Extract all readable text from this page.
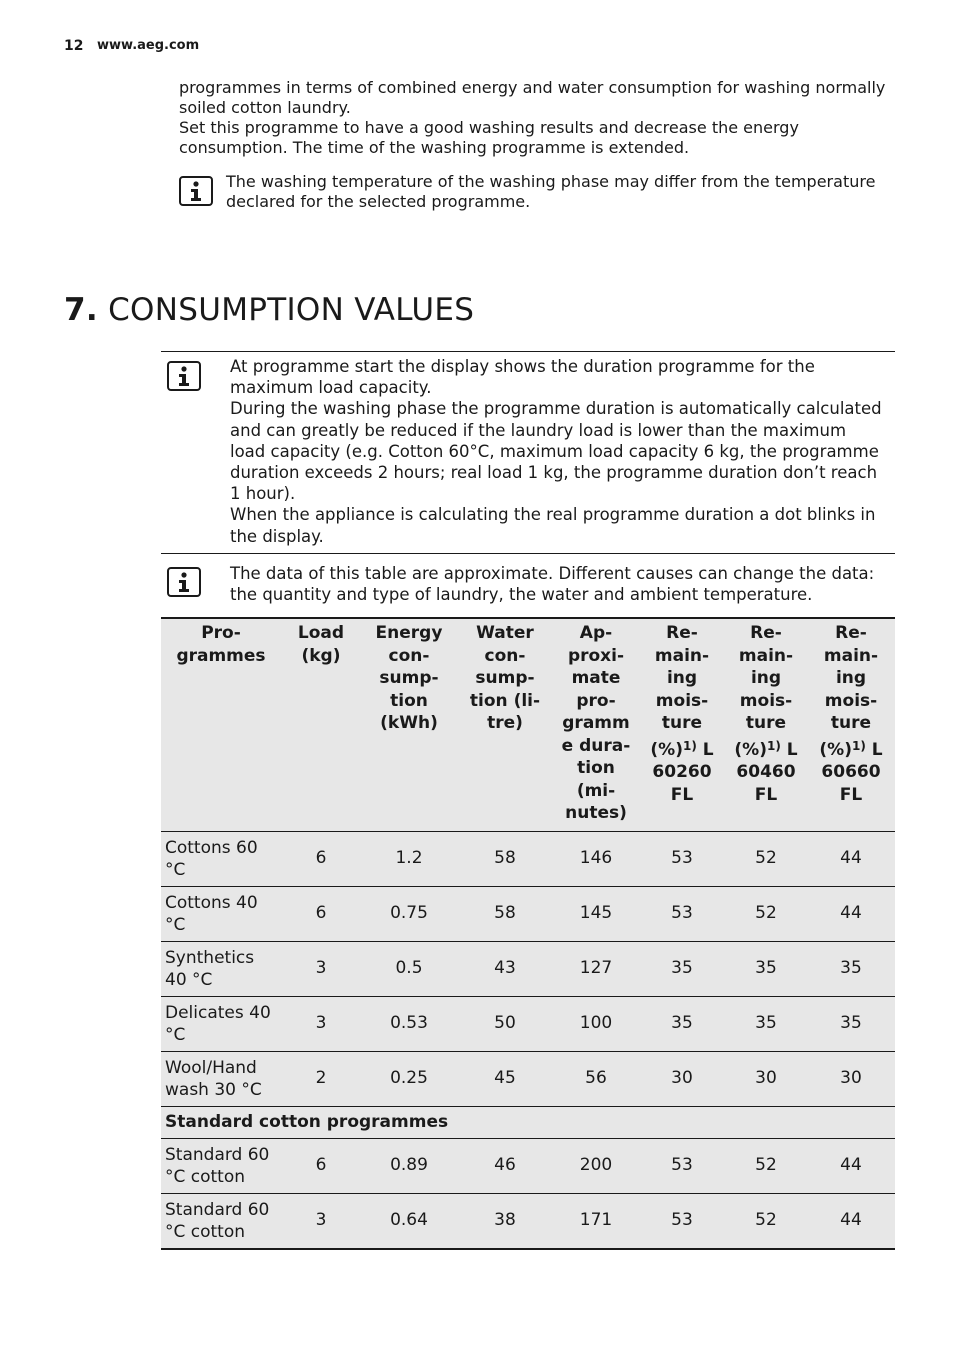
12 www.aeg.com

programmes in terms of combined energy and water consumption for washing normally soiled cotton laundry.

Set this programme to have a good washing results and decrease the energy consumption. The time of the washing programme is extended.

The washing temperature of the washing phase may differ from the temperature declared for the selected programme.
7. CONSUMPTION VALUES

At programme start the display shows the duration programme for the maximum load capacity.

During the washing phase the programme duration is automatically calculated and can greatly be reduced if the laundry load is lower than the maximum load capacity (e.g. Cotton 60°C, maximum load capacity 6 kg, the programme duration exceeds 2 hours; real load 1 kg, the programme duration don’t reach 1 hour).

When the appliance is calculating the real programme duration a dot blinks in the display.

The data of this table are approximate. Different causes can change the data: the quantity and type of laundry, the water and ambient temperature.
Pro-grammes	Load (kg)	Energy con-sump-tion (kWh)	Water con-sump-tion (li-tre)	Ap-proxi-mate pro-gramm e dura-tion (mi-nutes)	Re-main-ing mois-ture (%)$^{1)}$ L 60260 FL	Re-main-ing mois-ture (%)$^{1)}$ L 60460 FL	Re-main-ing mois-ture (%)$^{1)}$ L 60660 FL
Cottons 60 °C	6	1.2	58	146	53	52	44
Cottons 40 °C	6	0.75	58	145	53	52	44
Synthetics 40 °C	3	0.5	43	127	35	35	35
Delicates 40 °C	3	0.53	50	100	35	35	35
Wool/Hand wash 30 °C	2	0.25	45	56	30	30	30
Standard cotton programmes							
Standard 60 °C cotton	6	0.89	46	200	53	52	44
Standard 60 °C cotton	3	0.64	38	171	53	52	44
